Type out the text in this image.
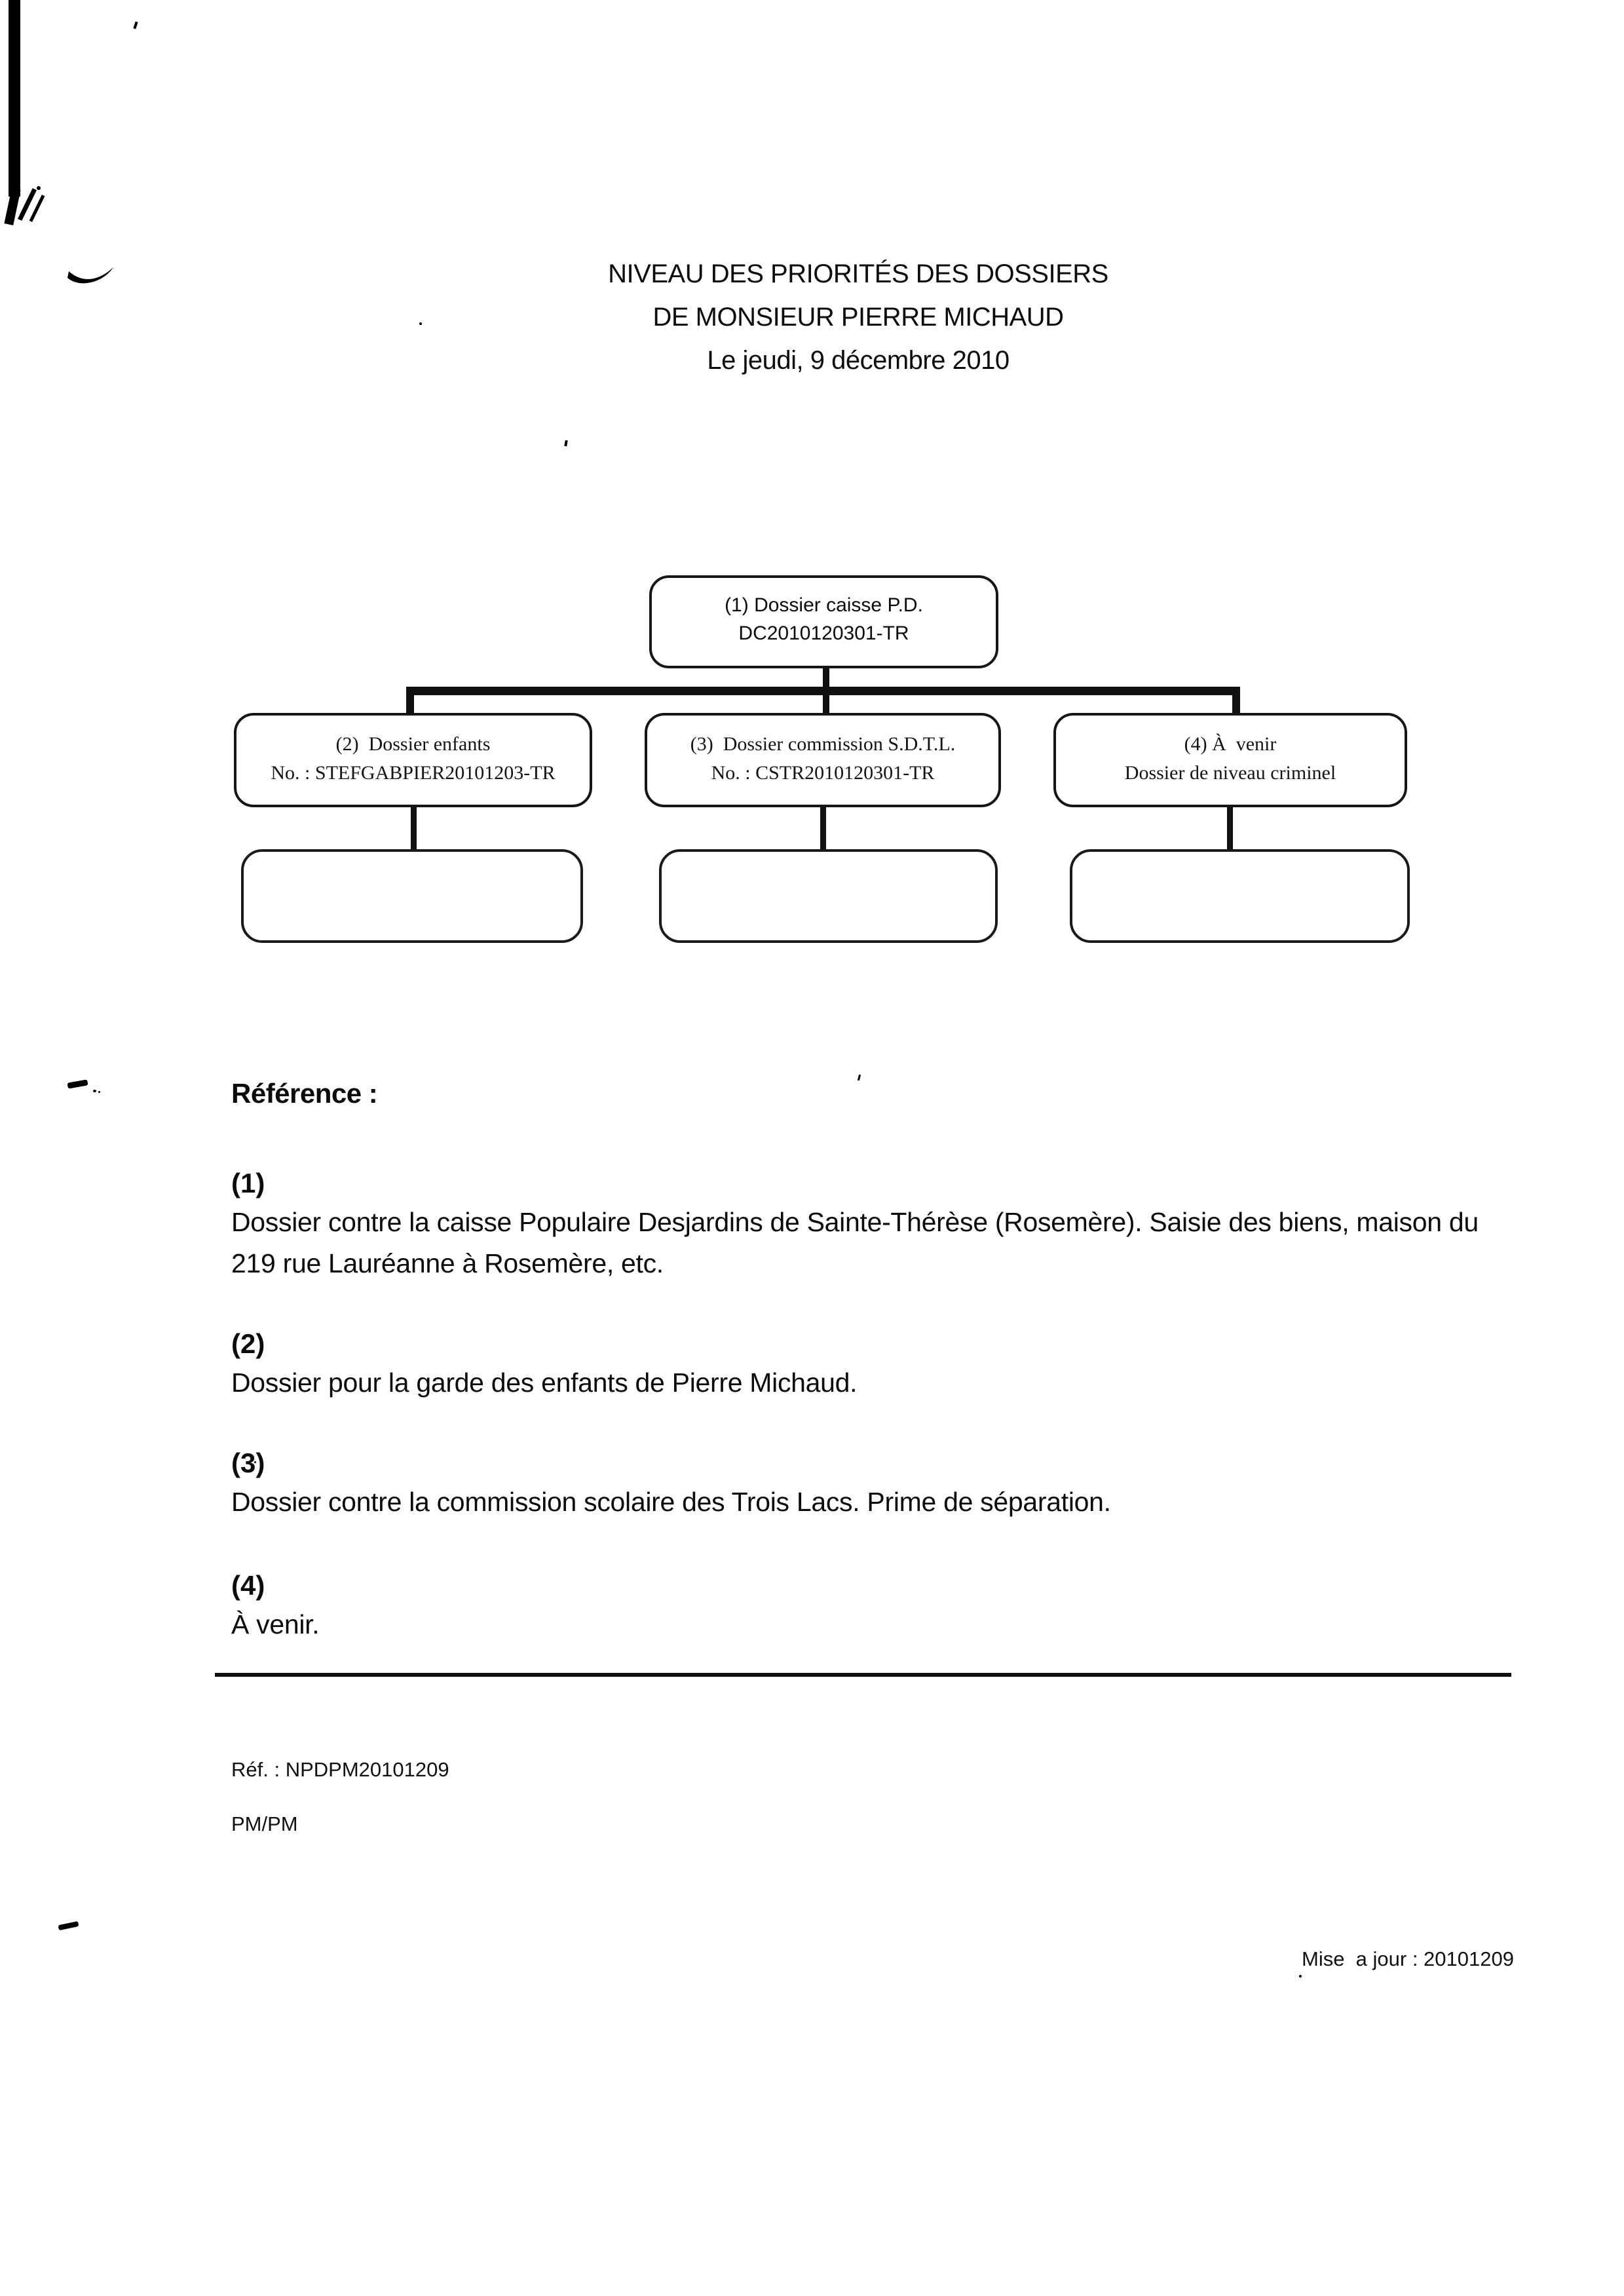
NIVEAU DES PRIORITÉS DES DOSSIERS
DE MONSIEUR PIERRE MICHAUD
Le jeudi, 9 décembre 2010
(1) Dossier caisse P.D.
DC2010120301-TR
(2)  Dossier enfants
No. : STEFGABPIER20101203-TR
(3)  Dossier commission S.D.T.L.
No. : CSTR2010120301-TR
(4) À  venir
Dossier de niveau criminel
Référence :
(1)
Dossier contre la caisse Populaire Desjardins de Sainte-Thérèse (Rosemère). Saisie des biens, maison du 219 rue Lauréanne à Rosemère, etc.
(2)
Dossier pour la garde des enfants de Pierre Michaud.
(3)
Dossier contre la commission scolaire des Trois Lacs. Prime de séparation.
(4)
À venir.
Réf. : NPDPM20101209
PM/PM
Mise  a jour : 20101209
